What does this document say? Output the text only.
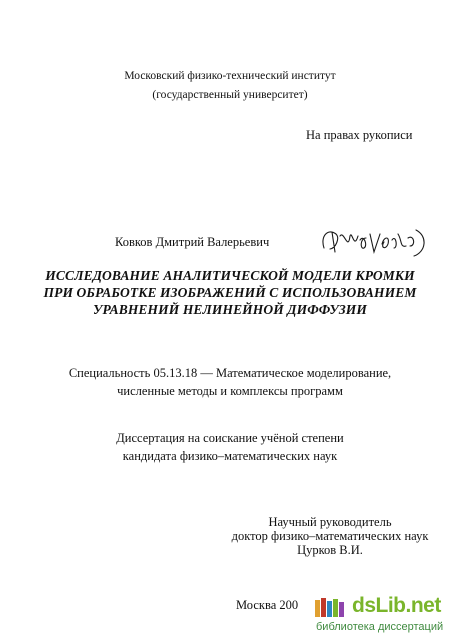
Московский физико-технический институт
(государственный университет)
На правах рукописи
Ковков Дмитрий Валерьевич
ИССЛЕДОВАНИЕ АНАЛИТИЧЕСКОЙ МОДЕЛИ КРОМКИ
ПРИ ОБРАБОТКЕ ИЗОБРАЖЕНИЙ С ИСПОЛЬЗОВАНИЕМ
УРАВНЕНИЙ НЕЛИНЕЙНОЙ ДИФФУЗИИ
Специальность 05.13.18 — Математическое моделирование,
численные методы и комплексы программ
Диссертация на соискание учёной степени
кандидата физико–математических наук
Научный руководитель
доктор физико–математических наук
Цурков В.И.
Москва 200	dsLib.net
библиотека диссертаций
